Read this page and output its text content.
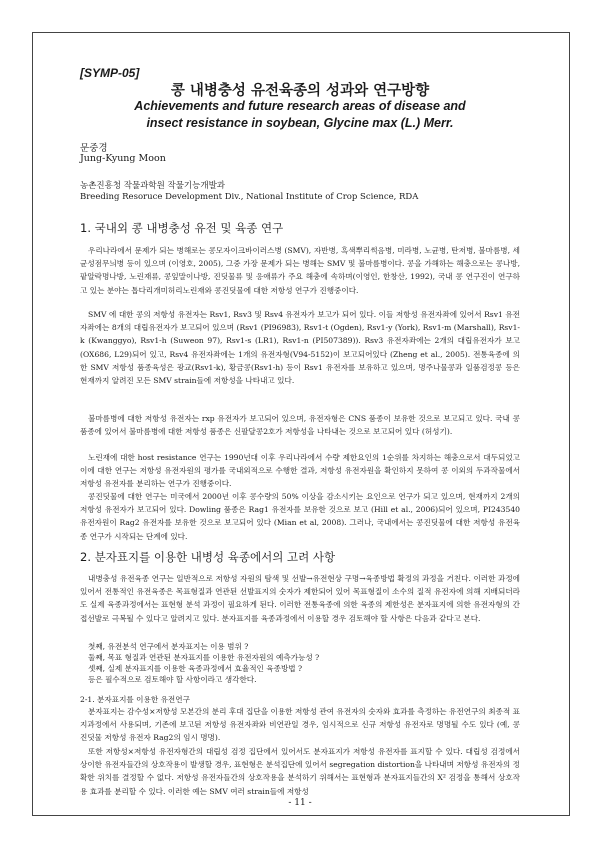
[SYMP-05]
콩 내병충성 유전육종의 성과와 연구방향
Achievements and future research areas of disease and
insect resistance in soybean, Glycine max (L.) Merr.
문중경
Jung-Kyung Moon
농촌진흥청 작물과학원 작물기능개발과
Breeding Resoruce Development Div., National Institute of Crop Science, RDA
1. 국내외 콩 내병충성 유전 및 육종 연구

우리나라에서 문제가 되는 병해로는 콩모자이크바이러스병 (SMV), 자반병, 흑색뿌리썩음병, 미라병, 노균병, 탄저병, 불마름병, 세균성점무늬병 등이 있으며 (이영호, 2005), 그중 가장 문제가 되는 병해는 SMV 및 불마름병이다. 콩을 가해하는 해충으로는 콩나방, 팥알락명나방, 노린재류, 콩잎말이나방, 진딧물류 및 응애류가 주요 해충에 속하며(이영인, 한창산, 1992), 국내 콩 연구진이 연구하고 있는 분야는 톱다리개미허리노린재와 콩진딧물에 대한 저항성 연구가 진행중이다.

SMV 에 대한 콩의 저항성 유전자는 Rsv1, Rsv3 및 Rsv4 유전자가 보고가 되어 있다. 이들 저항성 유전자좌에 있어서 Rsv1 유전자좌에는 8개의 대립유전자가 보고되어 있으며 (Rsv1 (PI96983), Rsv1-t (Ogden), Rsv1-y (York), Rsv1-m (Marshall), Rsv1-k (Kwanggyo), Rsv1-h (Suweon 97), Rsv1-s (LR1), Rsv1-n (PI507389)). Rsv3 유전자좌에는 2개의 대립유전자가 보고 (OX686, L29)되어 있고, Rsv4 유전자좌에는 1개의 유전자형(V94-5152)이 보고되어있다 (Zheng et al., 2005). 전통육종에 의한 SMV 저항성 품종육성은 광교(Rsv1-k), 황금콩(Rsv1-h) 등이 Rsv1 유전자를 보유하고 있으며, 명주나물콩과 일품검정콩 등은 현재까지 알려진 모든 SMV strain들에 저항성을 나타내고 있다.

불마름병에 대한 저항성 유전자는 rxp 유전자가 보고되어 있으며, 유전자형은 CNS 품종이 보유한 것으로 보고되고 있다. 국내 콩 품종에 있어서 불마름병에 대한 저항성 품종은 신팔달콩2호가 저항성을 나타내는 것으로 보고되어 있다 (허성기).

노린재에 대한 host resistance 연구는 1990년대 이후 우리나라에서 수량 제한요인의 1순위를 차지하는 해충으로서 대두되었고 이에 대한 연구는 저항성 유전자원의 평가를 국내외적으로 수행한 결과, 저항성 유전자원을 확인하지 못하여 콩 이외의 두과작물에서 저항성 유전자를 분리하는 연구가 진행중이다.

콩진딧물에 대한 연구는 미국에서 2000년 이후 콩수량의 50% 이상을 감소시키는 요인으로 연구가 되고 있으며, 현재까지 2개의 저항성 유전자가 보고되어 있다. Dowling 품종은 Rag1 유전자를 보유한 것으로 보고 (Hill et al., 2006)되어 있으며, PI243540 유전자원이 Rag2 유전자를 보유한 것으로 보고되어 있다 (Mian et al, 2008). 그러나, 국내에서는 콩진딧물에 대한 저항성 유전육종 연구가 시작되는 단계에 있다.

2. 분자표지를 이용한 내병성 육종에서의 고려 사항

내병충성 유전육종 연구는 일반적으로 저항성 자원의 탐색 및 선발→유전현상 구명→육종방법 확정의 과정을 거친다. 이러한 과정에 있어서 전통적인 유전육종은 목표형질과 연관된 선발표지의 숫자가 제한되어 있어 목표형질이 소수의 질적 유전자에 의해 지배되더라도 실제 육종과정에서는 표현형 분석 과정이 필요하게 된다. 이러한 전통육종에 의한 육종의 제한성은 분자표지에 의한 유전자형의 간접선발로 극복될 수 있다고 알려지고 있다. 분자표지를 육종과정에서 이용할 경우 검토해야 할 사항은 다음과 같다고 본다.

첫째, 유전분석 연구에서 분자표지는 이용 범위 ?

둘째, 목표 형질과 연관된 분자표지를 이용한 유전자원의 예측가능성 ?

셋째, 실제 분자표지를 이용한 육종과정에서 효율적인 육종방법 ?

등은 필수적으로 검토해야 할 사항이라고 생각한다.

2-1. 분자표지를 이용한 유전연구

분자표지는 감수성×저항성 모본간의 분리 후대 집단을 이용한 저항성 관여 유전자의 숫자와 효과를 측정하는 유전연구의 최종적 표지과정에서 사용되며, 기존에 보고된 저항성 유전자좌와 비연관일 경우, 임시적으로 신규 저항성 유전자로 명명될 수도 있다 (예, 콩 진딧물 저항성 유전자 Rag2의 임시 명명).

또한 저항성×저항성 유전자형간의 대립성 검정 집단에서 있어서도 분자표지가 저항성 유전자를 표지할 수 있다. 대립성 검정에서 상이한 유전자들간의 상호작용이 발생할 경우, 표현형은 분석집단에 있어서 segregation distortion을 나타내며 저항성 유전자의 정확한 위치를 결정할 수 없다. 저항성 유전자들간의 상호작용을 분석하기 위해서는 표현형과 분자표지들간의 X² 검정을 통해서 상호작용 효과를 분리할 수 있다. 이러한 예는 SMV 여러 strain들에 저항성

- 11 -
